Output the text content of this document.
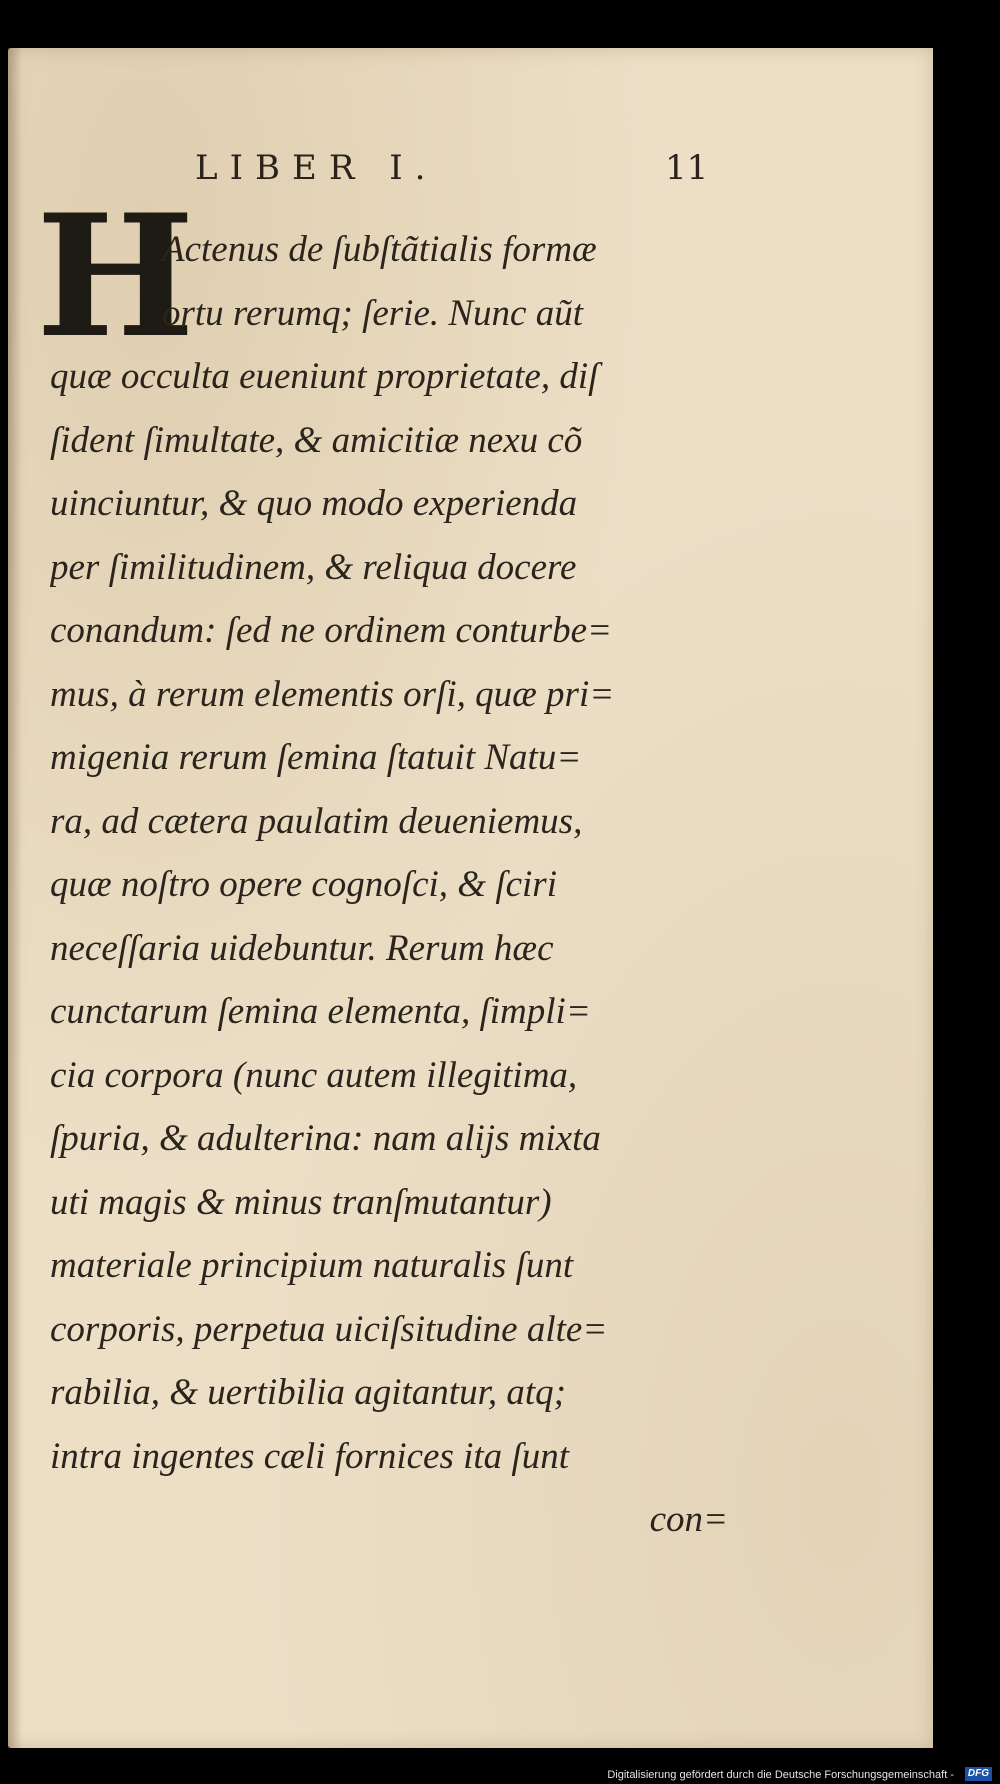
LIBER I.	11
H
Actenus de ſubſtãtialis formæ
ortu rerumq; ſerie. Nunc aũt
quæ occulta eueniunt proprietate, diſ
ſident ſimultate, & amicitiæ nexu cõ
uinciuntur, & quo modo experienda
per ſimilitudinem, & reliqua docere
conandum: ſed ne ordinem conturbe=
mus, à rerum elementis orſi, quæ pri=
migenia rerum ſemina ſtatuit Natu=
ra, ad cætera paulatim deueniemus,
quæ noſtro opere cognoſci, & ſciri
neceſſaria uidebuntur. Rerum hæc
cunctarum ſemina elementa, ſimpli=
cia corpora (nunc autem illegitima,
ſpuria, & adulterina: nam alijs mixta
uti magis & minus tranſmutantur)
materiale principium naturalis ſunt
corporis, perpetua uiciſsitudine alte=
rabilia, & uertibilia agitantur, atq;
intra ingentes cæli fornices ita ſunt
con=
Digitalisierung gefördert durch die Deutsche Forschungsgemeinschaft -	DFG
